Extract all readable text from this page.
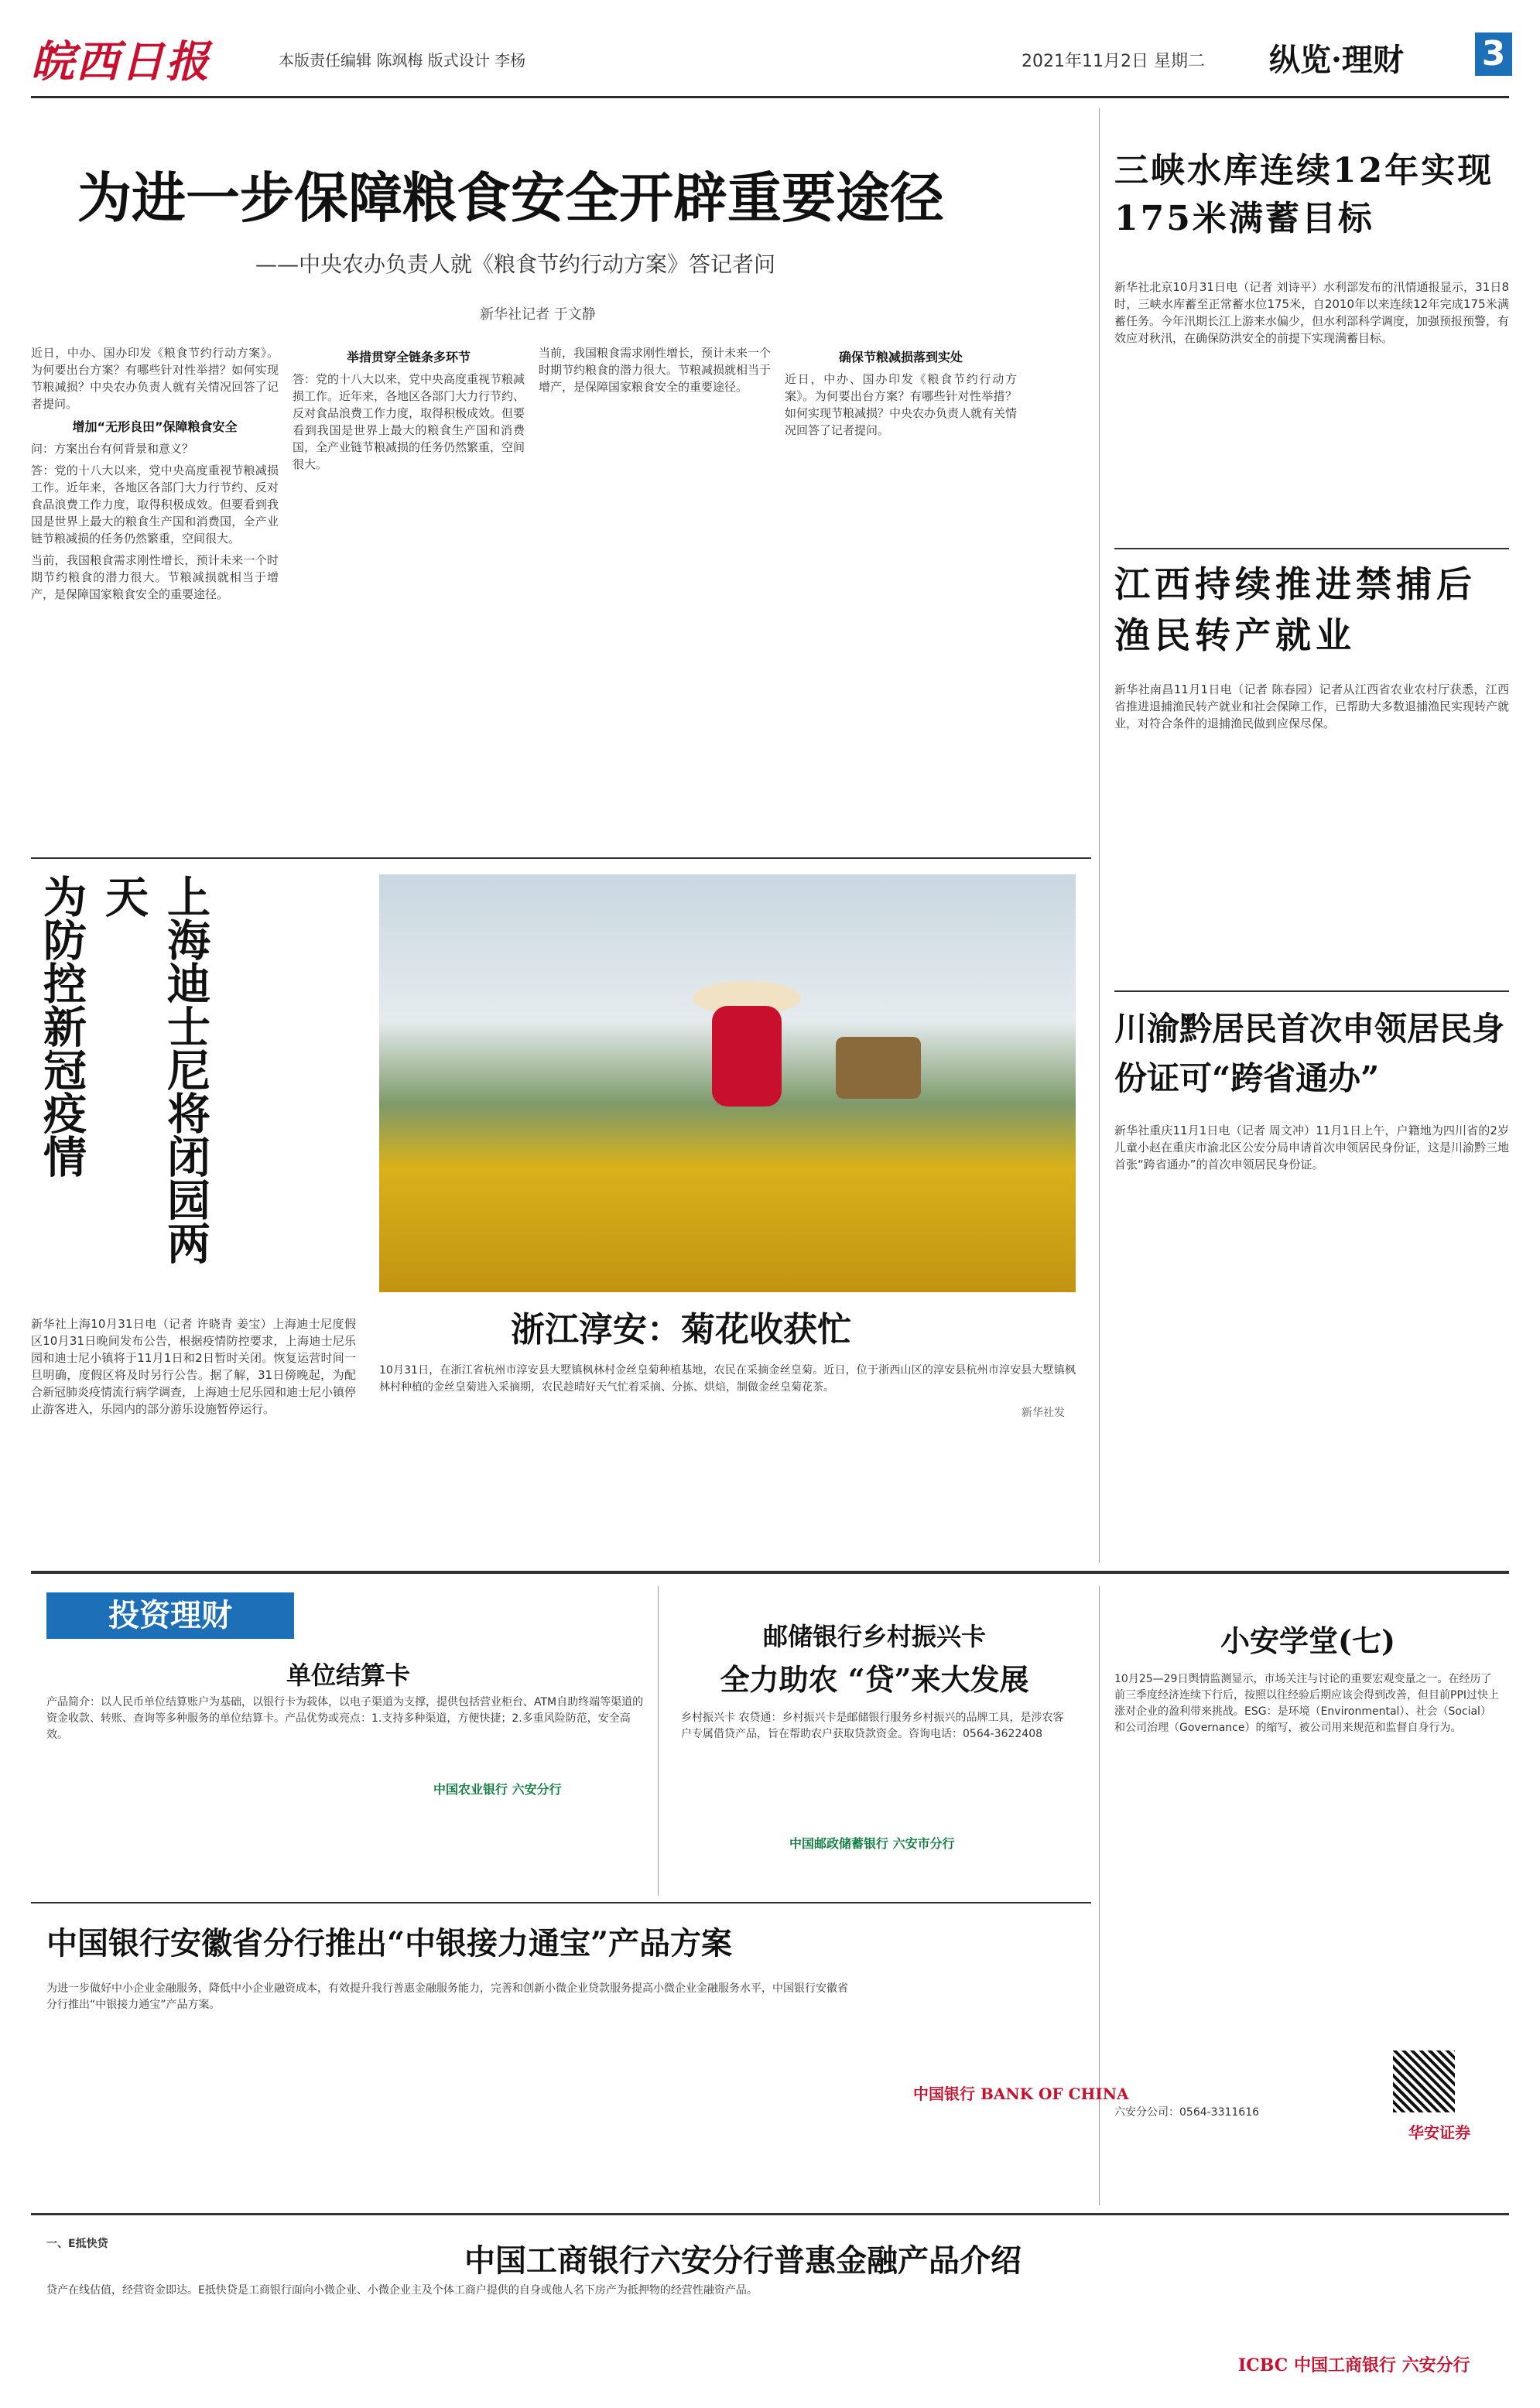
皖西日报	本版责任编辑 陈飒梅 版式设计 李杨	2021年11月2日 星期二 纵览·理财 3
为进一步保障粮食安全开辟重要途径
——中央农办负责人就《粮食节约行动方案》答记者问
新华社记者 于文静

近日，中办、国办印发《粮食节约行动方案》。为何要出台方案？有哪些针对性举措？如何实现节粮减损？中央农办负责人就有关情况回答了记者提问。

增加“无形良田”保障粮食安全

问：方案出台有何背景和意义？

答：党的十八大以来，党中央高度重视节粮减损工作。近年来，各地区各部门大力行节约、反对食品浪费工作力度，取得积极成效。但要看到我国是世界上最大的粮食生产国和消费国，全产业链节粮减损的任务仍然繁重，空间很大。

当前，我国粮食需求刚性增长，预计未来一个时期节约粮食的潜力很大。节粮减损就相当于增产，是保障国家粮食安全的重要途径。

举措贯穿全链条多环节

答：党的十八大以来，党中央高度重视节粮减损工作。近年来，各地区各部门大力行节约、反对食品浪费工作力度，取得积极成效。但要看到我国是世界上最大的粮食生产国和消费国，全产业链节粮减损的任务仍然繁重，空间很大。

当前，我国粮食需求刚性增长，预计未来一个时期节约粮食的潜力很大。节粮减损就相当于增产，是保障国家粮食安全的重要途径。

确保节粮减损落到实处

近日，中办、国办印发《粮食节约行动方案》。为何要出台方案？有哪些针对性举措？如何实现节粮减损？中央农办负责人就有关情况回答了记者提问。

三峡水库连续12年实现175米满蓄目标
新华社北京10月31日电（记者 刘诗平）水利部发布的汛情通报显示，31日8时，三峡水库蓄至正常蓄水位175米，自2010年以来连续12年完成175米满蓄任务。今年汛期长江上游来水偏少，但水利部科学调度，加强预报预警，有效应对秋汛，在确保防洪安全的前提下实现满蓄目标。
江西持续推进禁捕后渔民转产就业
新华社南昌11月1日电（记者 陈春园）记者从江西省农业农村厅获悉，江西省推进退捕渔民转产就业和社会保障工作，已帮助大多数退捕渔民实现转产就业，对符合条件的退捕渔民做到应保尽保。
川渝黔居民首次申领居民身份证可“跨省通办”
新华社重庆11月1日电（记者 周文冲）11月1日上午，户籍地为四川省的2岁儿童小赵在重庆市渝北区公安分局申请首次申领居民身份证，这是川渝黔三地首张“跨省通办”的首次申领居民身份证。
为防控新冠疫情	上海迪士尼将闭园两天
新华社上海10月31日电（记者 许晓青 姜宝）上海迪士尼度假区10月31日晚间发布公告，根据疫情防控要求，上海迪士尼乐园和迪士尼小镇将于11月1日和2日暂时关闭。恢复运营时间一旦明确，度假区将及时另行公告。据了解，31日傍晚起，为配合新冠肺炎疫情流行病学调查，上海迪士尼乐园和迪士尼小镇停止游客进入，乐园内的部分游乐设施暂停运行。
浙江淳安：菊花收获忙
10月31日，在浙江省杭州市淳安县大墅镇枫林村金丝皇菊种植基地，农民在采摘金丝皇菊。近日，位于浙西山区的淳安县杭州市淳安县大墅镇枫林村种植的金丝皇菊进入采摘期，农民趁晴好天气忙着采摘、分拣、烘焙，制做金丝皇菊花茶。
新华社发
投资理财
单位结算卡
产品简介：以人民币单位结算账户为基础，以银行卡为载体，以电子渠道为支撑，提供包括营业柜台、ATM自助终端等渠道的资金收款、转账、查询等多种服务的单位结算卡。产品优势或亮点：1.支持多种渠道，方便快捷；2.多重风险防范，安全高效。
中国农业银行 六安分行
邮储银行乡村振兴卡
全力助农 “贷”来大发展
乡村振兴卡 农贷通：乡村振兴卡是邮储银行服务乡村振兴的品牌工具，是涉农客户专属借贷产品，旨在帮助农户获取贷款资金。咨询电话：0564-3622408
中国邮政储蓄银行 六安市分行
小安学堂(七)
10月25—29日舆情监测显示，市场关注与讨论的重要宏观变量之一。在经历了前三季度经济连续下行后，按照以往经验后期应该会得到改善，但目前PPI过快上涨对企业的盈利带来挑战。ESG：是环境（Environmental）、社会（Social）和公司治理（Governance）的缩写，被公司用来规范和监督自身行为。
六安分公司：0564-3311616
华安证券
中国银行安徽省分行推出“中银接力通宝”产品方案
为进一步做好中小企业金融服务，降低中小企业融资成本，有效提升我行普惠金融服务能力，完善和创新小微企业贷款服务提高小微企业金融服务水平，中国银行安徽省分行推出“中银接力通宝”产品方案。
中国银行 BANK OF CHINA
中国工商银行六安分行普惠金融产品介绍
一、E抵快贷
贷产在线估值，经营资金即达。E抵快贷是工商银行面向小微企业、小微企业主及个体工商户提供的自身或他人名下房产为抵押物的经营性融资产品。
ICBC 中国工商银行 六安分行
